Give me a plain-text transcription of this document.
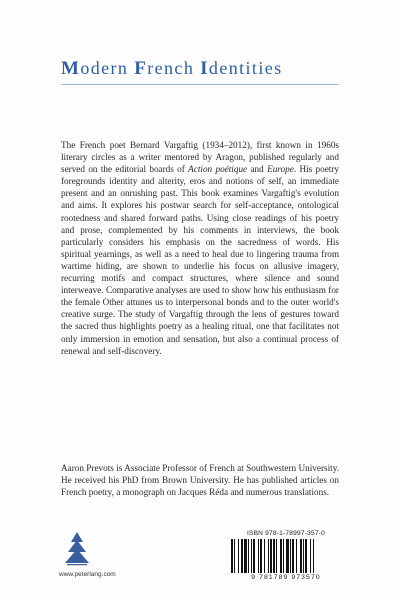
Modern French Identities
The French poet Bernard Vargaftig (1934–2012), first known in 1960s literary circles as a writer mentored by Aragon, published regularly and served on the editorial boards of Action poétique and Europe. His poetry foregrounds identity and alterity, eros and notions of self, an immediate present and an onrushing past. This book examines Vargaftig's evolution and aims. It explores his postwar search for self-acceptance, ontological rootedness and shared forward paths. Using close readings of his poetry and prose, complemented by his comments in interviews, the book particularly considers his emphasis on the sacredness of words. His spiritual yearnings, as well as a need to heal due to lingering trauma from wartime hiding, are shown to underlie his focus on allusive imagery, recurring motifs and compact structures, where silence and sound interweave. Comparative analyses are used to show how his enthusiasm for the female Other attunes us to interpersonal bonds and to the outer world's creative surge. The study of Vargaftig through the lens of gestures toward the sacred thus highlights poetry as a healing ritual, one that facilitates not only immersion in emotion and sensation, but also a continual process of renewal and self-discovery.
Aaron Prevots is Associate Professor of French at Southwestern University. He received his PhD from Brown University. He has published articles on French poetry, a monograph on Jacques Réda and numerous translations.
www.peterlang.com
ISBN 978-1-78997-357-0
9 781789 973570
